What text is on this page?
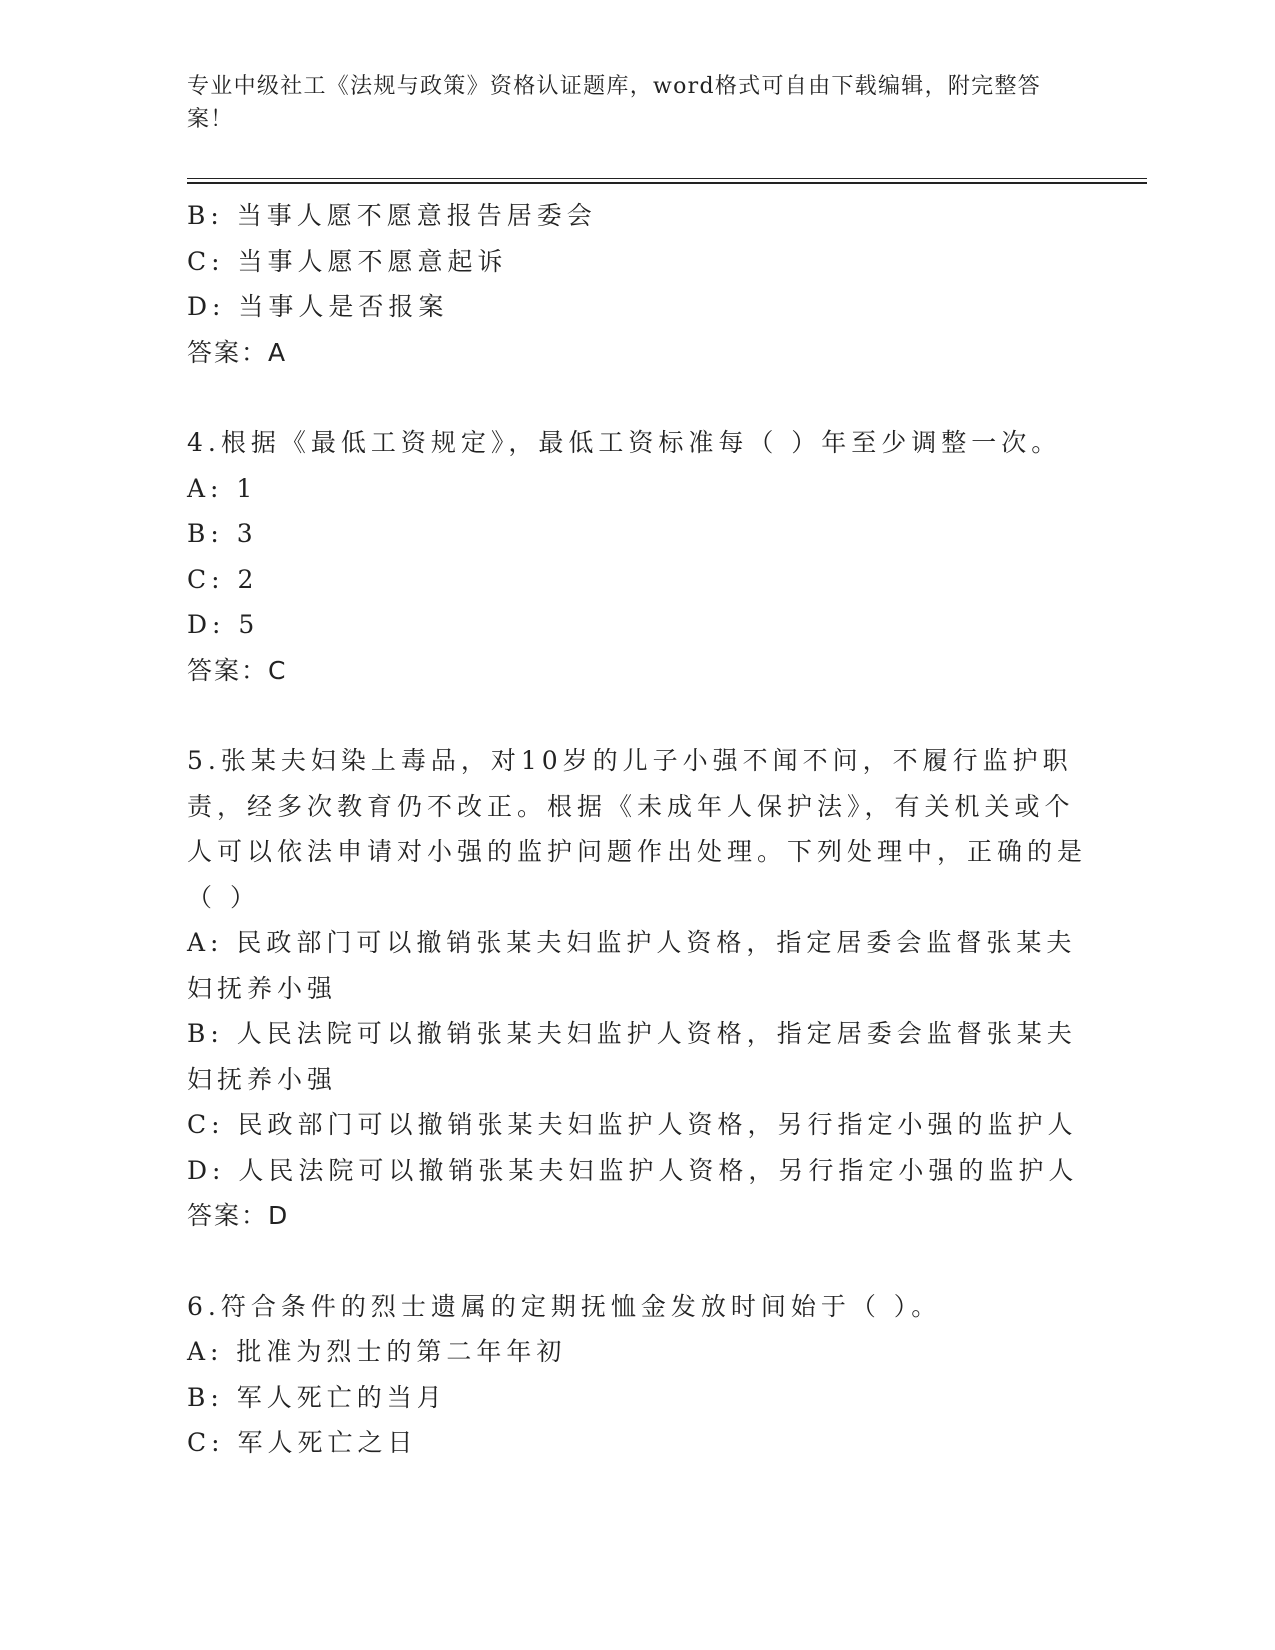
专业中级社工《法规与政策》资格认证题库，word格式可自由下载编辑，附完整答案！
B: 当事人愿不愿意报告居委会
C: 当事人愿不愿意起诉
D: 当事人是否报案
答案：A
4.根据《最低工资规定》，最低工资标准每（ ）年至少调整一次。
A: 1
B: 3
C: 2
D: 5
答案：C
5.张某夫妇染上毒品，对10岁的儿子小强不闻不问，不履行监护职责，经多次教育仍不改正。根据《未成年人保护法》，有关机关或个人可以依法申请对小强的监护问题作出处理。下列处理中，正确的是（ ）
A: 民政部门可以撤销张某夫妇监护人资格，指定居委会监督张某夫妇抚养小强
B: 人民法院可以撤销张某夫妇监护人资格，指定居委会监督张某夫妇抚养小强
C: 民政部门可以撤销张某夫妇监护人资格，另行指定小强的监护人
D: 人民法院可以撤销张某夫妇监护人资格，另行指定小强的监护人
答案：D
6.符合条件的烈士遗属的定期抚恤金发放时间始于（ ）。
A: 批准为烈士的第二年年初
B: 军人死亡的当月
C: 军人死亡之日
